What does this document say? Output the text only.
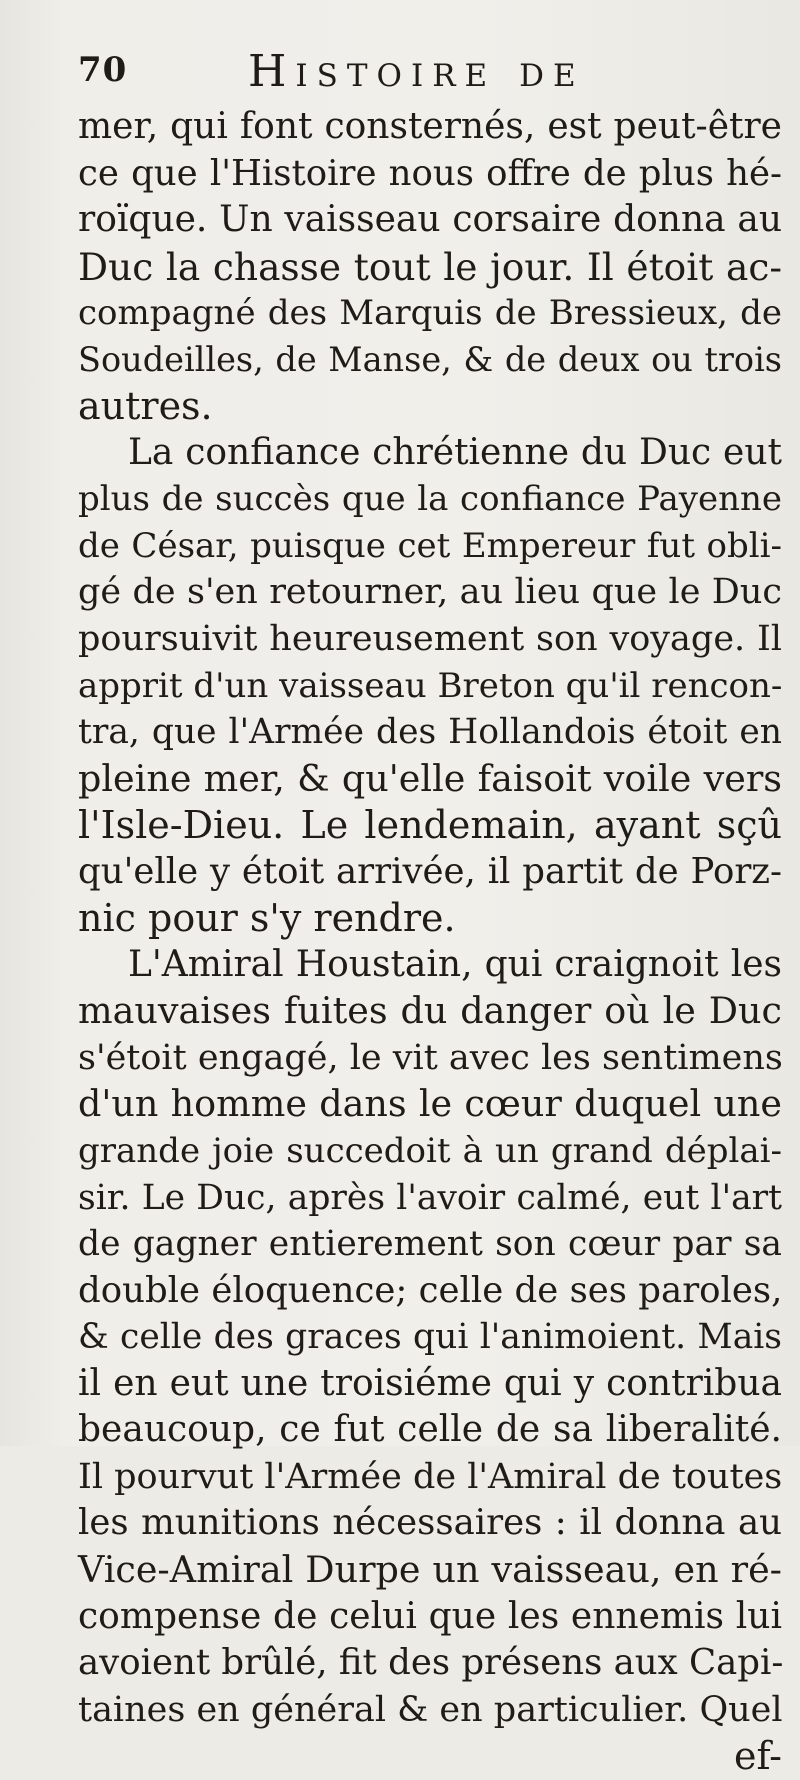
70	Histoire de
mer, qui font consternés, est peut-être
ce que l'Histoire nous offre de plus hé-
roïque. Un vaisseau corsaire donna au
Duc la chasse tout le jour. Il étoit ac-
compagné des Marquis de Bressieux, de
Soudeilles, de Manse, & de deux ou trois
autres.
La confiance chrétienne du Duc eut
plus de succès que la confiance Payenne
de César, puisque cet Empereur fut obli-
gé de s'en retourner, au lieu que le Duc
poursuivit heureusement son voyage. Il
apprit d'un vaisseau Breton qu'il rencon-
tra, que l'Armée des Hollandois étoit en
pleine mer, & qu'elle faisoit voile vers
l'Isle-Dieu. Le lendemain, ayant sçû
qu'elle y étoit arrivée, il partit de Porz-
nic pour s'y rendre.
L'Amiral Houstain, qui craignoit les
mauvaises fuites du danger où le Duc
s'étoit engagé, le vit avec les sentimens
d'un homme dans le cœur duquel une
grande joie succedoit à un grand déplai-
sir. Le Duc, après l'avoir calmé, eut l'art
de gagner entierement son cœur par sa
double éloquence; celle de ses paroles,
& celle des graces qui l'animoient. Mais
il en eut une troisiéme qui y contribua
beaucoup, ce fut celle de sa liberalité.
Il pourvut l'Armée de l'Amiral de toutes
les munitions nécessaires : il donna au
Vice-Amiral Durpe un vaisseau, en ré-
compense de celui que les ennemis lui
avoient brûlé, fit des présens aux Capi-
taines en général & en particulier. Quel
ef-
